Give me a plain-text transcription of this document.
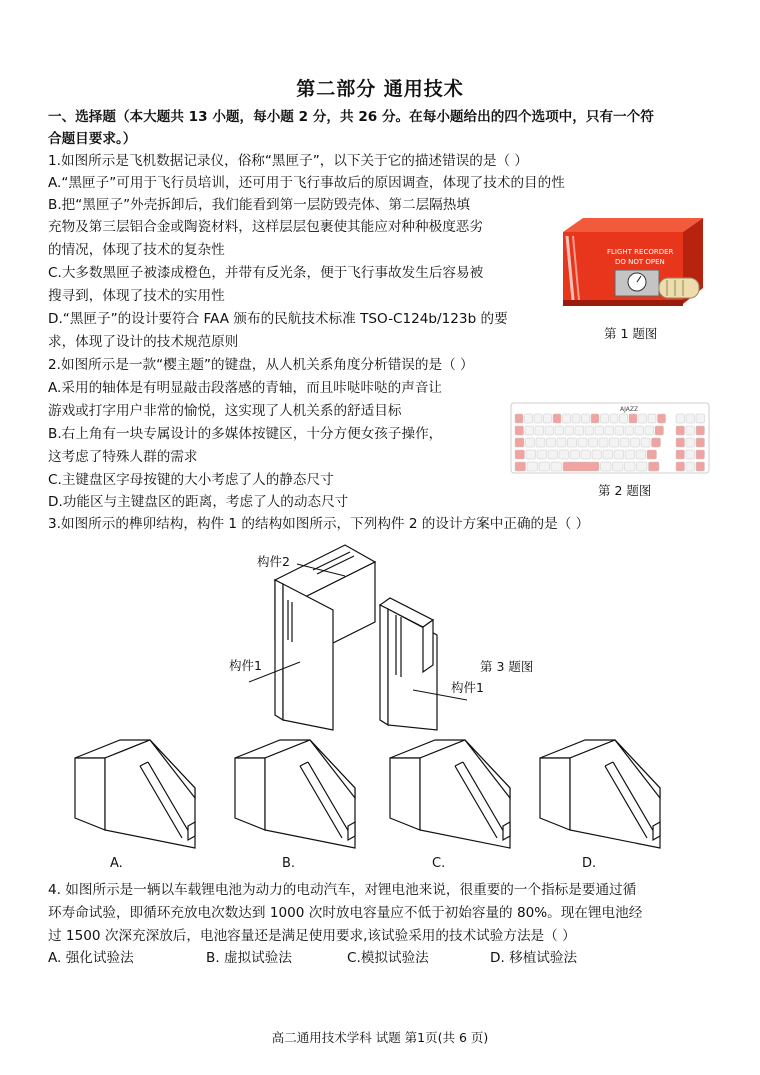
第二部分 通用技术
一、选择题（本大题共 13 小题，每小题 2 分，共 26 分。在每小题给出的四个选项中，只有一个符
合题目要求。）
1.如图所示是飞机数据记录仪，俗称“黑匣子”，以下关于它的描述错误的是（ ）
A.“黑匣子”可用于飞行员培训，还可用于飞行事故后的原因调查，体现了技术的目的性
B.把“黑匣子”外壳拆卸后，我们能看到第一层防毁壳体、第二层隔热填
充物及第三层铝合金或陶瓷材料，这样层层包裹使其能应对种种极度恶劣
的情况，体现了技术的复杂性
C.大多数黑匣子被漆成橙色，并带有反光条，便于飞行事故发生后容易被
搜寻到，体现了技术的实用性
D.“黑匣子”的设计要符合 FAA 颁布的民航技术标准 TSO-C124b/123b 的要
求，体现了设计的技术规范原则
FLIGHT RECORDER
DO NOT OPEN
第 1 题图
2.如图所示是一款“樱主题”的键盘，从人机关系角度分析错误的是（ ）
A.采用的轴体是有明显敲击段落感的青轴，而且咔哒咔哒的声音让
游戏或打字用户非常的愉悦，这实现了人机关系的舒适目标
B.右上角有一块专属设计的多媒体按键区，十分方便女孩子操作，
这考虑了特殊人群的需求
C.主键盘区字母按键的大小考虑了人的静态尺寸
D.功能区与主键盘区的距离，考虑了人的动态尺寸
AJAZZ
第 2 题图
3.如图所示的榫卯结构，构件 1 的结构如图所示，下列构件 2 的设计方案中正确的是（ ）
构件2
构件1
构件1
第 3 题图
A.	B.	C.	D.
4. 如图所示是一辆以车载锂电池为动力的电动汽车，对锂电池来说，很重要的一个指标是要通过循
环寿命试验，即循环充放电次数达到 1000 次时放电容量应不低于初始容量的 80%。现在锂电池经
过 1500 次深充深放后，电池容量还是满足使用要求,该试验采用的技术试验方法是（ ）
A. 强化试验法	B. 虚拟试验法	C.模拟试验法	D. 移植试验法
高二通用技术学科 试题 第1页(共 6 页)
